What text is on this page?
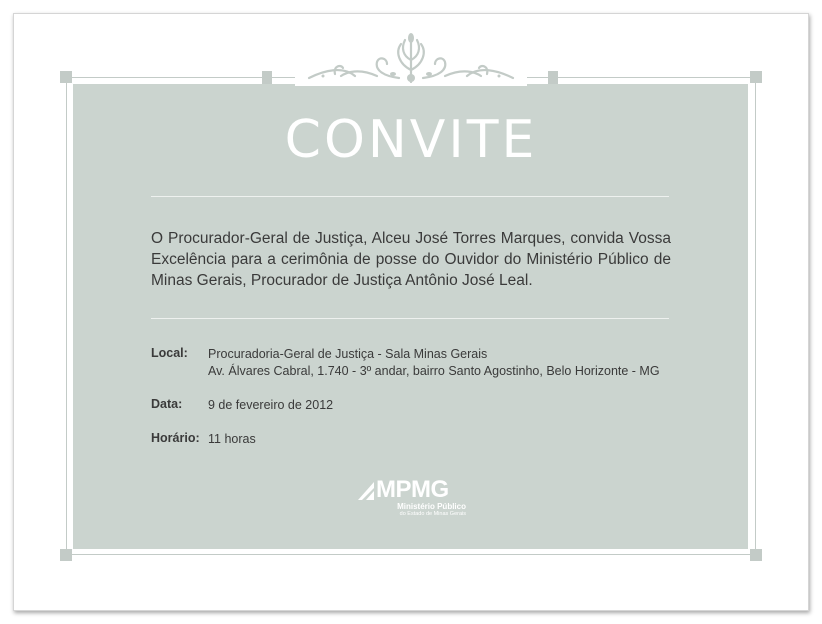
CONVITE
O Procurador-Geral de Justiça, Alceu José Torres Marques, convida Vossa Excelência para a cerimônia de posse do Ouvidor do Ministério Público de Minas Gerais, Procurador de Justiça Antônio José Leal.
Local:	Procuradoria-Geral de Justiça - Sala Minas Gerais
Av. Álvares Cabral, 1.740 - 3º andar, bairro Santo Agostinho, Belo Horizonte - MG
Data:	9 de fevereiro de 2012
Horário: 11 horas
MPMG
Ministério Público
do Estado de Minas Gerais
